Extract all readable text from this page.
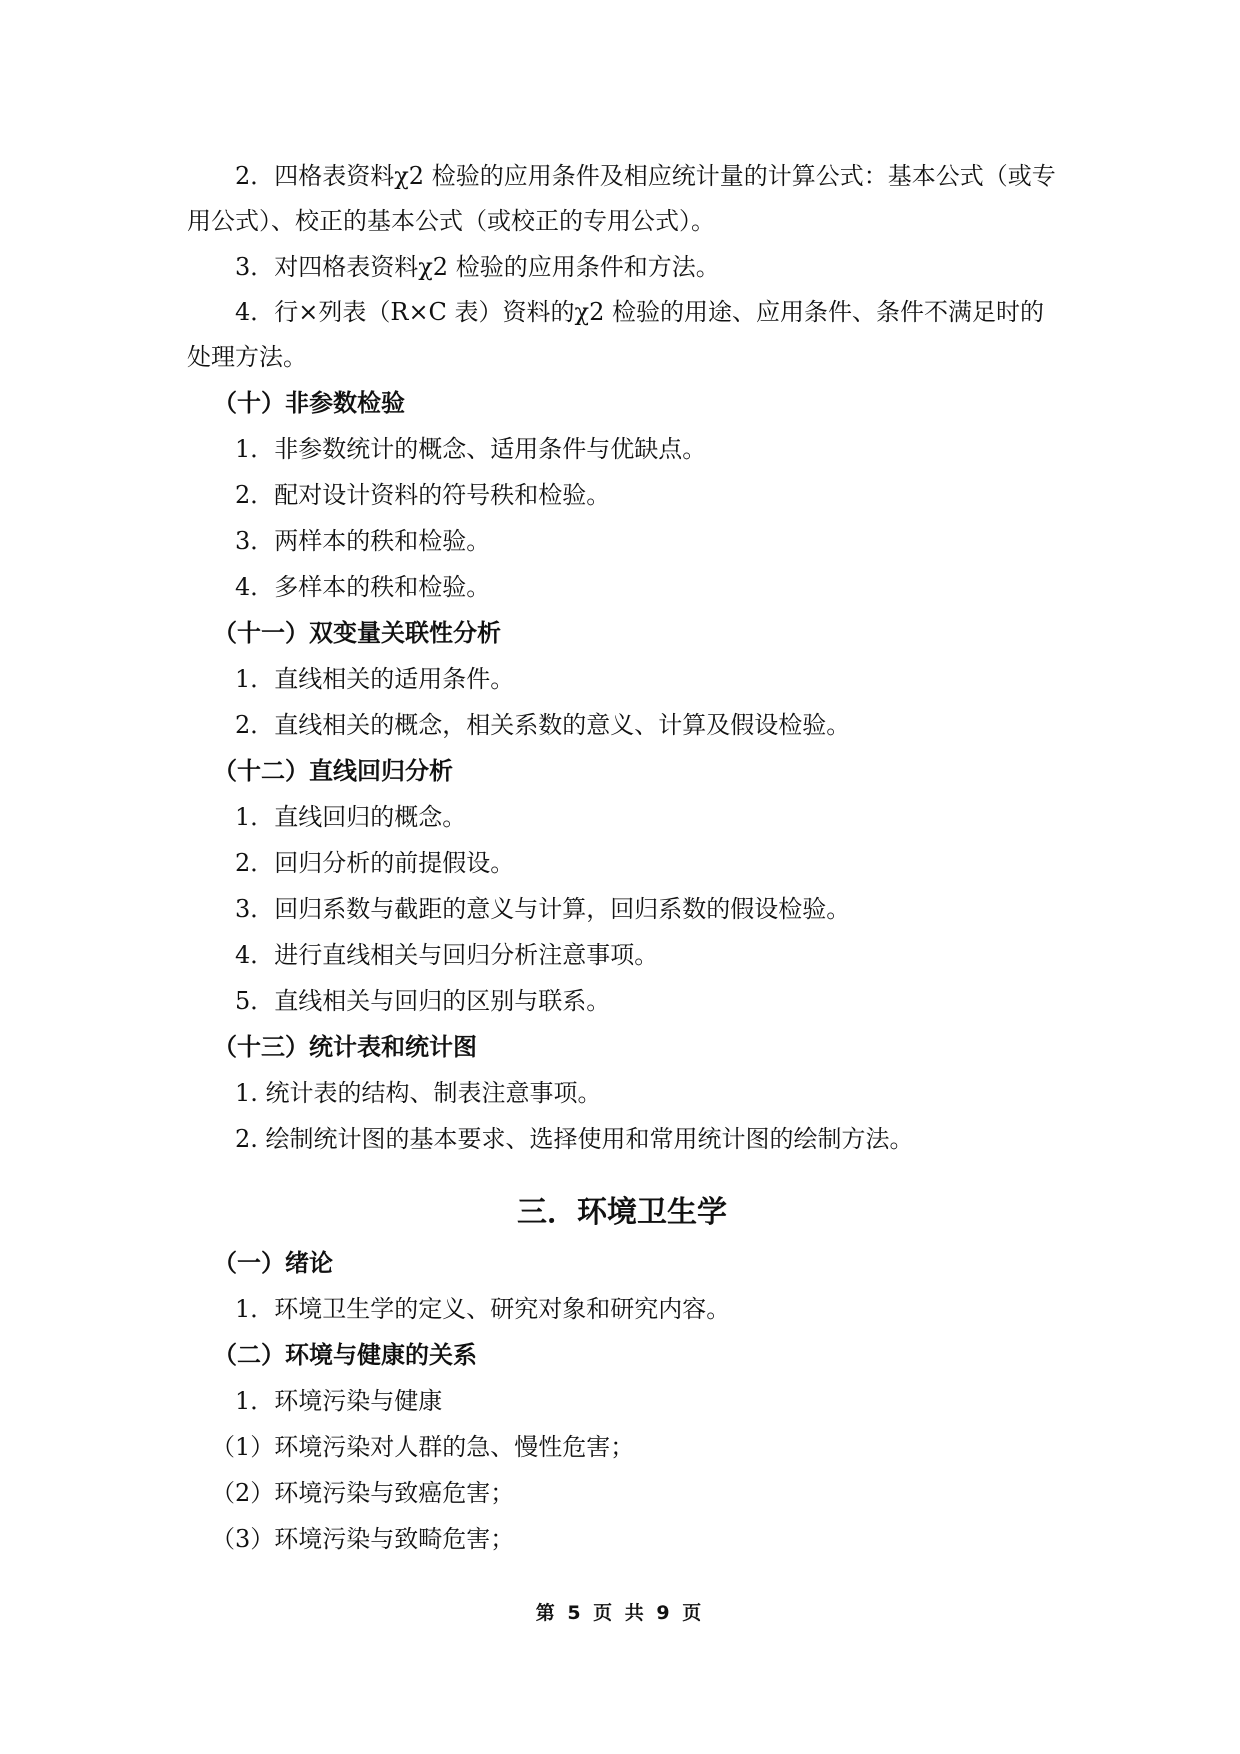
2．四格表资料χ2 检验的应用条件及相应统计量的计算公式：基本公式（或专用公式）、校正的基本公式（或校正的专用公式）。
3．对四格表资料χ2 检验的应用条件和方法。
4．行×列表（R×C 表）资料的χ2 检验的用途、应用条件、条件不满足时的处理方法。
（十）非参数检验
1．非参数统计的概念、适用条件与优缺点。
2．配对设计资料的符号秩和检验。
3．两样本的秩和检验。
4．多样本的秩和检验。
（十一）双变量关联性分析
1．直线相关的适用条件。
2．直线相关的概念，相关系数的意义、计算及假设检验。
（十二）直线回归分析
1．直线回归的概念。
2．回归分析的前提假设。
3．回归系数与截距的意义与计算，回归系数的假设检验。
4．进行直线相关与回归分析注意事项。
5．直线相关与回归的区别与联系。
（十三）统计表和统计图
1. 统计表的结构、制表注意事项。
2. 绘制统计图的基本要求、选择使用和常用统计图的绘制方法。
三．环境卫生学
（一）绪论
1．环境卫生学的定义、研究对象和研究内容。
（二）环境与健康的关系
1．环境污染与健康
（1）环境污染对人群的急、慢性危害；
（2）环境污染与致癌危害；
（3）环境污染与致畸危害；
第 5 页 共 9 页
